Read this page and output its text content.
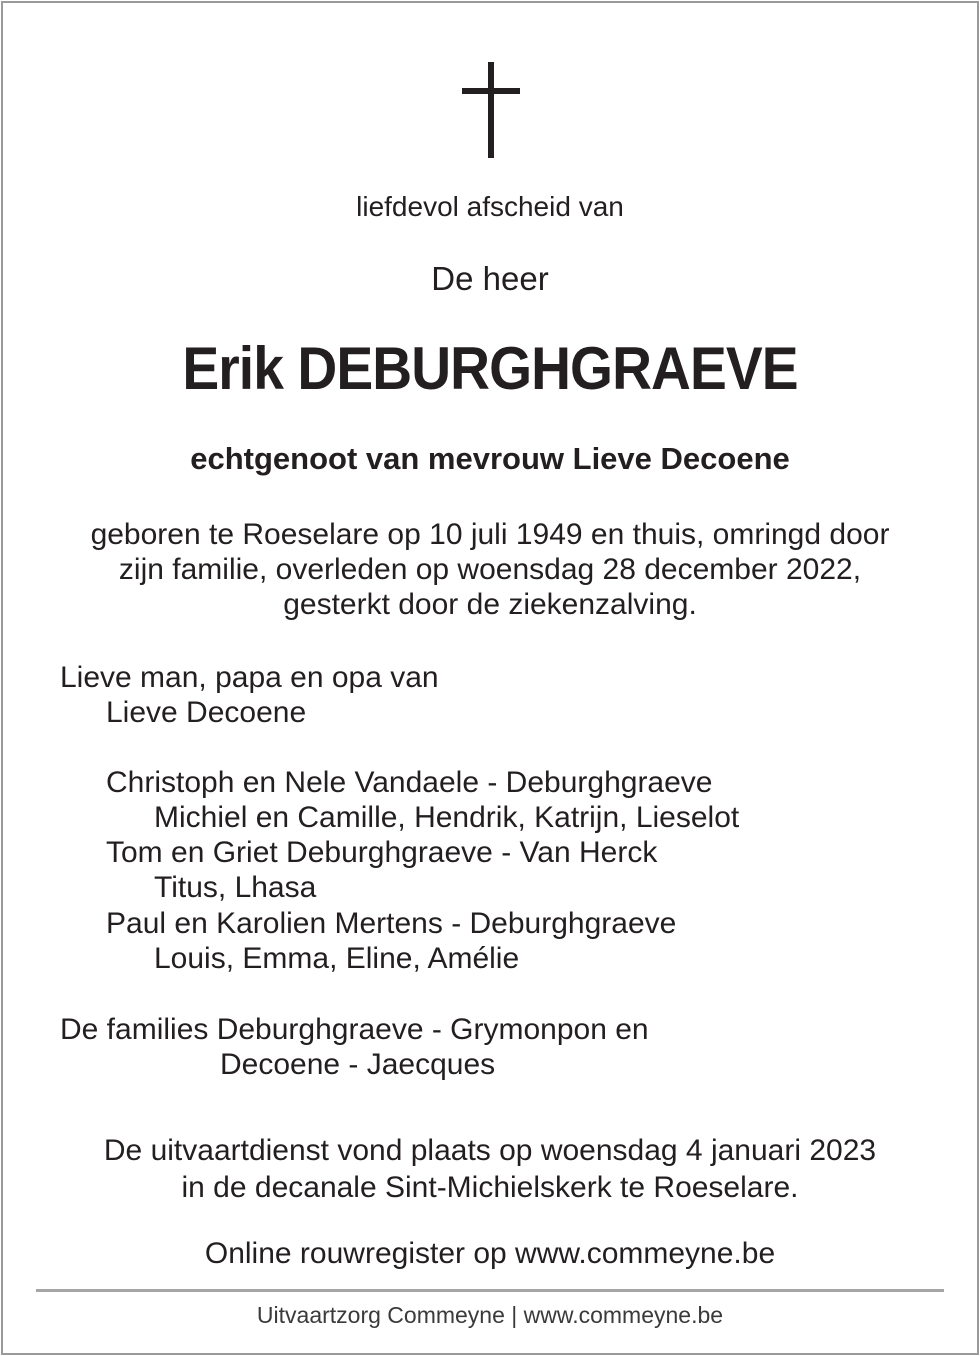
liefdevol afscheid van
De heer
Erik DEBURGHGRAEVE
echtgenoot van mevrouw Lieve Decoene
geboren te Roeselare op 10 juli 1949 en thuis, omringd door
zijn familie, overleden op woensdag 28 december 2022,
gesterkt door de ziekenzalving.
Lieve man, papa en opa van
Lieve Decoene
Christoph en Nele Vandaele - Deburghgraeve
Michiel en Camille, Hendrik, Katrijn, Lieselot
Tom en Griet Deburghgraeve - Van Herck
Titus, Lhasa
Paul en Karolien Mertens - Deburghgraeve
Louis, Emma, Eline, Amélie
De families Deburghgraeve - Grymonpon en
Decoene - Jaecques
De uitvaartdienst vond plaats op woensdag 4 januari 2023
in de decanale Sint-Michielskerk te Roeselare.
Online rouwregister op www.commeyne.be
Uitvaartzorg Commeyne | www.commeyne.be
